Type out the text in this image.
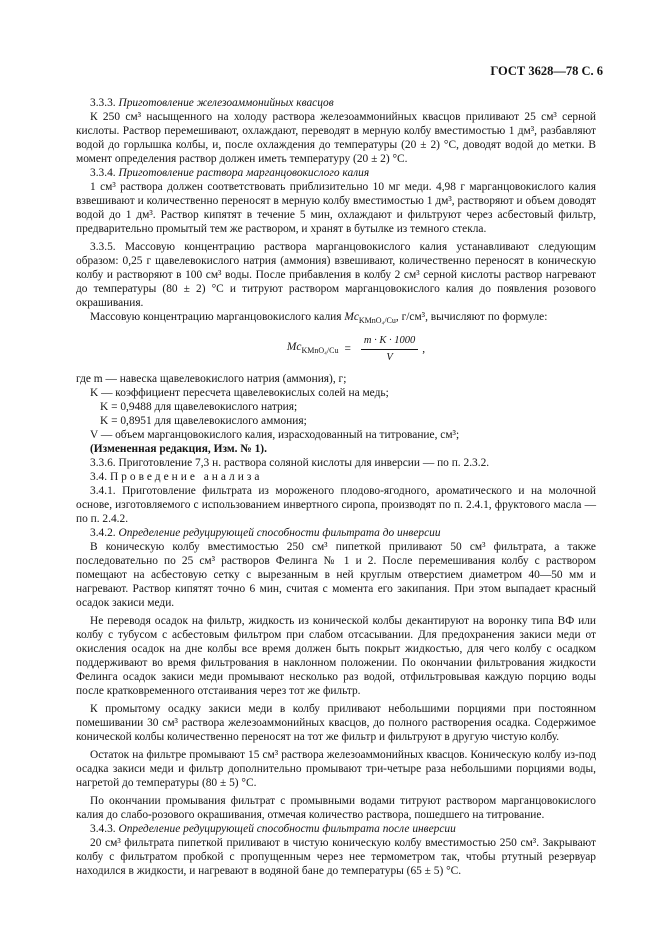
ГОСТ 3628—78 С. 6

3.3.3. Приготовление железоаммонийных квасцов

К 250 см³ насыщенного на холоду раствора железоаммонийных квасцов приливают 25 см³ серной кислоты. Раствор перемешивают, охлаждают, переводят в мерную колбу вместимостью 1 дм³, разбавляют водой до горлышка колбы, и, после охлаждения до температуры (20 ± 2) °С, доводят водой до метки. В момент определения раствор должен иметь температуру (20 ± 2) °С.

3.3.4. Приготовление раствора марганцовокислого калия

1 см³ раствора должен соответствовать приблизительно 10 мг меди. 4,98 г марганцовокислого калия взвешивают и количественно переносят в мерную колбу вместимостью 1 дм³, растворяют и объем доводят водой до 1 дм³. Раствор кипятят в течение 5 мин, охлаждают и фильтруют через асбестовый фильтр, предварительно промытый тем же раствором, и хранят в бутылке из темного стекла.

3.3.5. Массовую концентрацию раствора марганцовокислого калия устанавливают следующим образом: 0,25 г щавелевокислого натрия (аммония) взвешивают, количественно переносят в коническую колбу и растворяют в 100 см³ воды. После прибавления в колбу 2 см³ серной кислоты раствор нагревают до температуры (80 ± 2) °С и титруют раствором марганцовокислого калия до появления розового окрашивания.

Массовую концентрацию марганцовокислого калия $Mc_{KMnO_4/Cu}$, г/см³, вычисляют по формуле:

$Mc_{KMnO_4/Cu} = \frac{m \cdot K \cdot 1000}{V}$ ,

где m — навеска щавелевокислого натрия (аммония), г;

K — коэффициент пересчета щавелевокислых солей на медь;

K = 0,9488 для щавелевокислого натрия;

K = 0,8951 для щавелевокислого аммония;

V — объем марганцовокислого калия, израсходованный на титрование, см³;

(Измененная редакция, Изм. № 1).

3.3.6. Приготовление 7,3 н. раствора соляной кислоты для инверсии — по п. 2.3.2.

3.4. Проведение анализа

3.4.1. Приготовление фильтрата из мороженого плодово-ягодного, ароматического и на молочной основе, изготовляемого с использованием инвертного сиропа, производят по п. 2.4.1, фруктового масла — по п. 2.4.2.

3.4.2. Определение редуцирующей способности фильтрата до инверсии

В коническую колбу вместимостью 250 см³ пипеткой приливают 50 см³ фильтрата, а также последовательно по 25 см³ растворов Фелинга № 1 и 2. После перемешивания колбу с раствором помещают на асбестовую сетку с вырезанным в ней круглым отверстием диаметром 40—50 мм и нагревают. Раствор кипятят точно 6 мин, считая с момента его закипания. При этом выпадает красный осадок закиси меди.

Не переводя осадок на фильтр, жидкость из конической колбы декантируют на воронку типа ВФ или колбу с тубусом с асбестовым фильтром при слабом отсасывании. Для предохранения закиси меди от окисления осадок на дне колбы все время должен быть покрыт жидкостью, для чего колбу с осадком поддерживают во время фильтрования в наклонном положении. По окончании фильтрования жидкости Фелинга осадок закиси меди промывают несколько раз водой, отфильтровывая каждую порцию воды после кратковременного отстаивания через тот же фильтр.

К промытому осадку закиси меди в колбу приливают небольшими порциями при постоянном помешивании 30 см³ раствора железоаммонийных квасцов, до полного растворения осадка. Содержимое конической колбы количественно переносят на тот же фильтр и фильтруют в другую чистую колбу.

Остаток на фильтре промывают 15 см³ раствора железоаммонийных квасцов. Коническую колбу из-под осадка закиси меди и фильтр дополнительно промывают три-четыре раза небольшими порциями воды, нагретой до температуры (80 ± 5) °С.

По окончании промывания фильтрат с промывными водами титруют раствором марганцовокислого калия до слабо-розового окрашивания, отмечая количество раствора, пошедшего на титрование.

3.4.3. Определение редуцирующей способности фильтрата после инверсии

20 см³ фильтрата пипеткой приливают в чистую коническую колбу вместимостью 250 см³. Закрывают колбу с фильтратом пробкой с пропущенным через нее термометром так, чтобы ртутный резервуар находился в жидкости, и нагревают в водяной бане до температуры (65 ± 5) °С.
